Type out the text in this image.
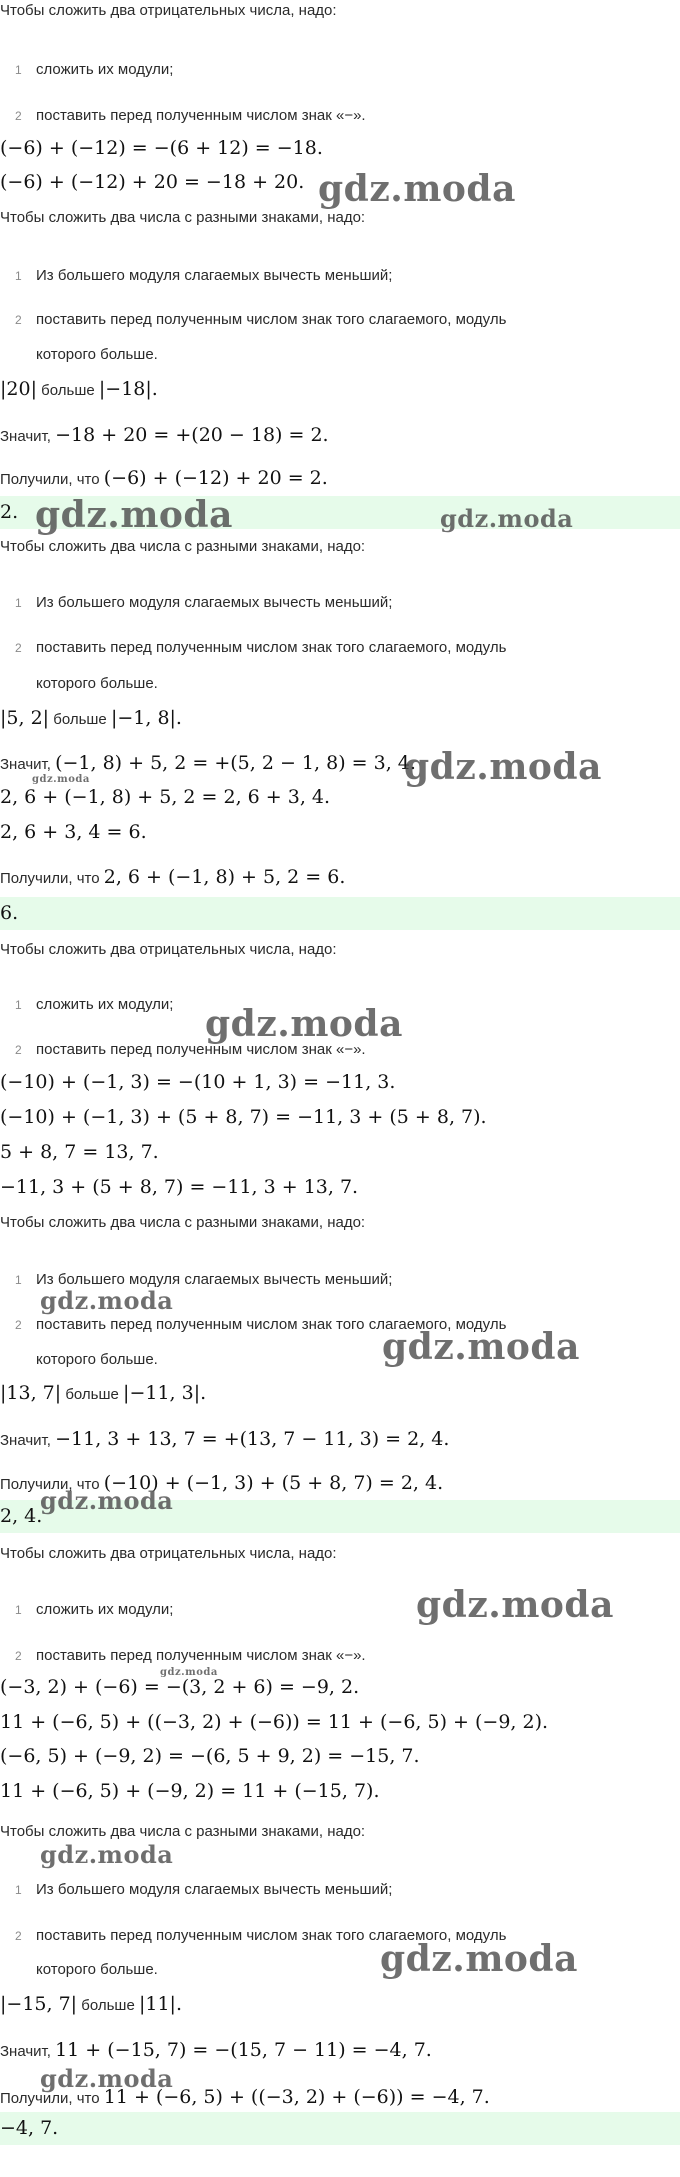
Чтобы сложить два отрицательных числа, надо:
1 сложить их модули;
2 поставить перед полученным числом знак «−».
(−6) + (−12) = −(6 + 12) = −18.
(−6) + (−12) + 20 = −18 + 20.
Чтобы сложить два числа с разными знаками, надо:
1 Из большего модуля слагаемых вычесть меньший;
2 поставить перед полученным числом знак того слагаемого, модуль
которого больше.
|20| больше |−18|.
Значит, −18 + 20 = +(20 − 18) = 2.
Получили, что (−6) + (−12) + 20 = 2.
2.
Чтобы сложить два числа с разными знаками, надо:
1 Из большего модуля слагаемых вычесть меньший;
2 поставить перед полученным числом знак того слагаемого, модуль
которого больше.
|5, 2| больше |−1, 8|.
Значит, (−1, 8) + 5, 2 = +(5, 2 − 1, 8) = 3, 4.
2, 6 + (−1, 8) + 5, 2 = 2, 6 + 3, 4.
2, 6 + 3, 4 = 6.
Получили, что 2, 6 + (−1, 8) + 5, 2 = 6.
6.
Чтобы сложить два отрицательных числа, надо:
1 сложить их модули;
2 поставить перед полученным числом знак «−».
(−10) + (−1, 3) = −(10 + 1, 3) = −11, 3.
(−10) + (−1, 3) + (5 + 8, 7) = −11, 3 + (5 + 8, 7).
5 + 8, 7 = 13, 7.
−11, 3 + (5 + 8, 7) = −11, 3 + 13, 7.
Чтобы сложить два числа с разными знаками, надо:
1 Из большего модуля слагаемых вычесть меньший;
2 поставить перед полученным числом знак того слагаемого, модуль
которого больше.
|13, 7| больше |−11, 3|.
Значит, −11, 3 + 13, 7 = +(13, 7 − 11, 3) = 2, 4.
Получили, что (−10) + (−1, 3) + (5 + 8, 7) = 2, 4.
2, 4.
Чтобы сложить два отрицательных числа, надо:
1 сложить их модули;
2 поставить перед полученным числом знак «−».
(−3, 2) + (−6) = −(3, 2 + 6) = −9, 2.
11 + (−6, 5) + ((−3, 2) + (−6)) = 11 + (−6, 5) + (−9, 2).
(−6, 5) + (−9, 2) = −(6, 5 + 9, 2) = −15, 7.
11 + (−6, 5) + (−9, 2) = 11 + (−15, 7).
Чтобы сложить два числа с разными знаками, надо:
1 Из большего модуля слагаемых вычесть меньший;
2 поставить перед полученным числом знак того слагаемого, модуль
которого больше.
|−15, 7| больше |11|.
Значит, 11 + (−15, 7) = −(15, 7 − 11) = −4, 7.
Получили, что 11 + (−6, 5) + ((−3, 2) + (−6)) = −4, 7.
−4, 7.
gdz.moda
gdz.moda	gdz.moda
gdz.moda
gdz.moda
gdz.moda
gdz.moda
gdz.moda
gdz.moda
gdz.moda
gdz.moda
gdz.moda
gdz.moda
gdz.moda
